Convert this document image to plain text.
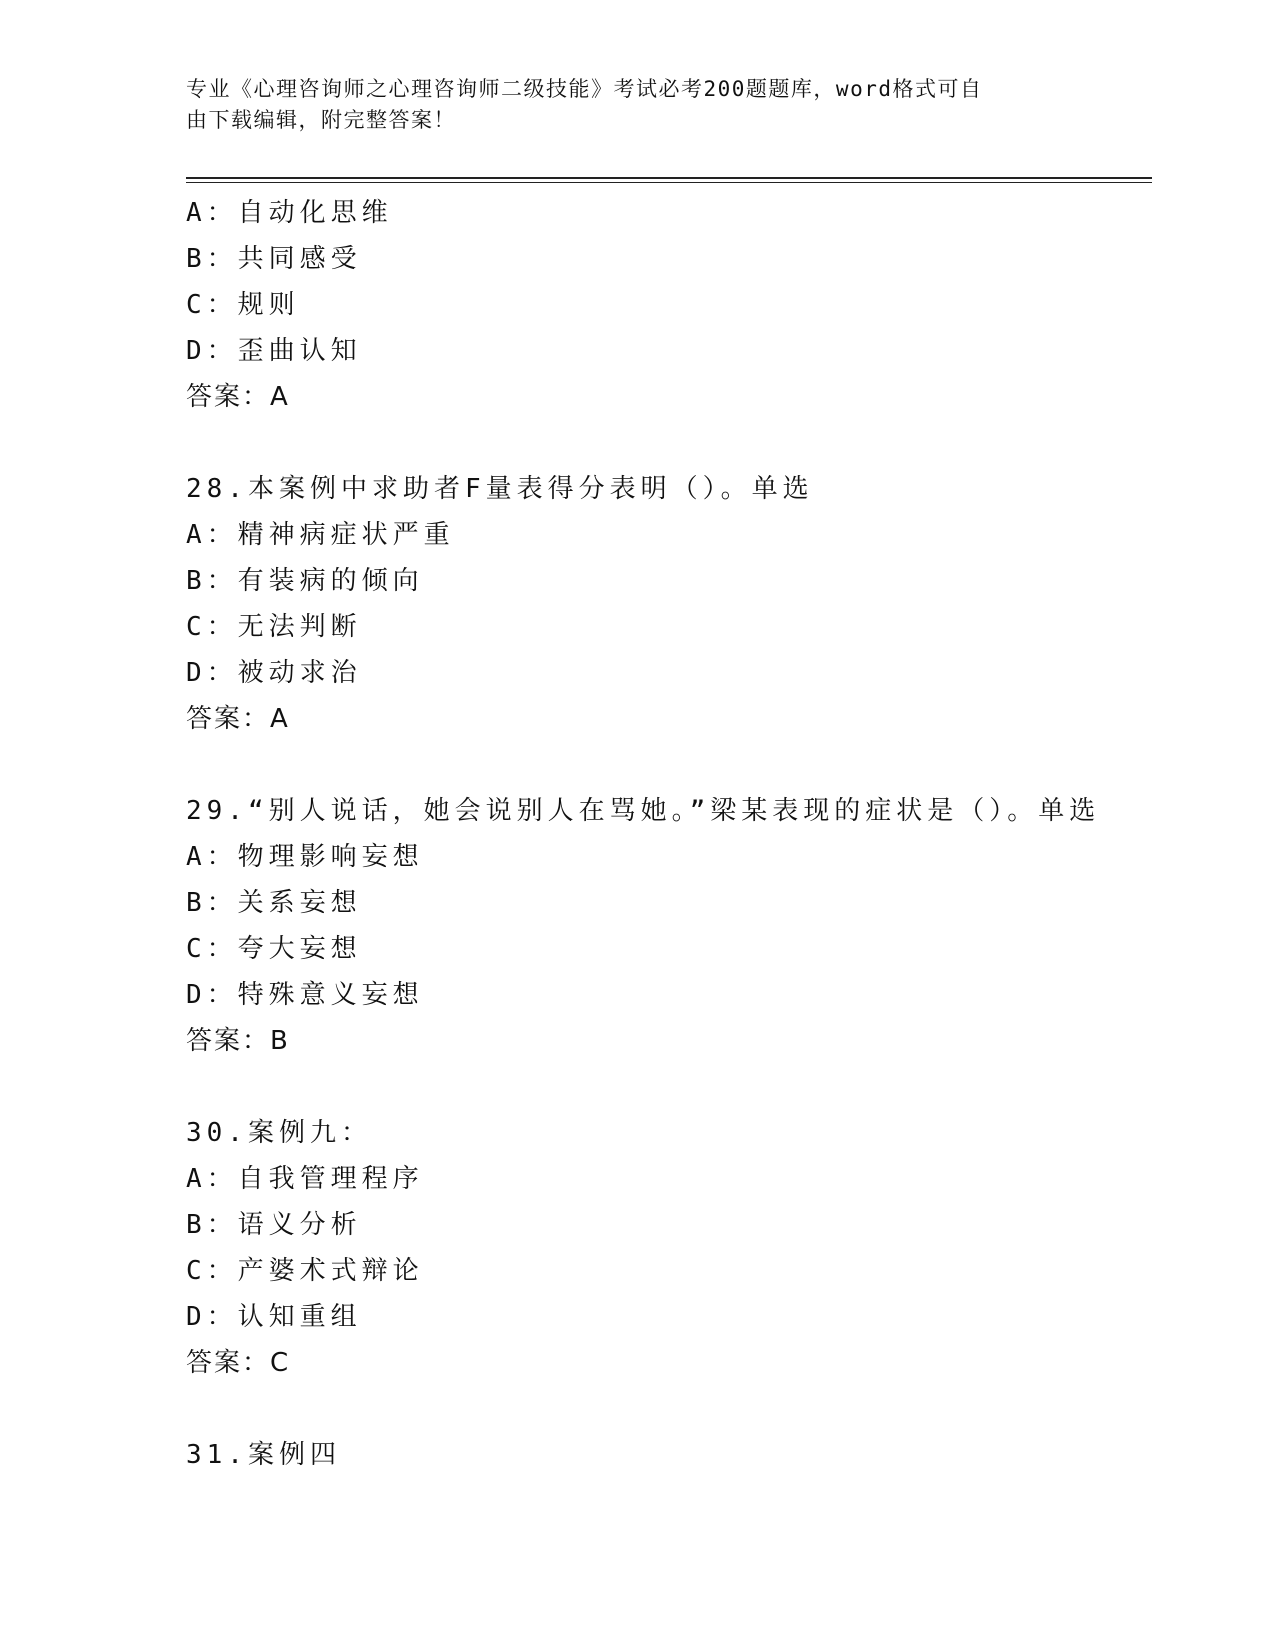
专业《心理咨询师之心理咨询师二级技能》考试必考200题题库，word格式可自
由下载编辑，附完整答案！
A：自动化思维
B：共同感受
C：规则
D：歪曲认知
答案：A
28.本案例中求助者F量表得分表明（）。单选
A：精神病症状严重
B：有装病的倾向
C：无法判断
D：被动求治
答案：A
29.“别人说话，她会说别人在骂她。”梁某表现的症状是（）。单选
A：物理影响妄想
B：关系妄想
C：夸大妄想
D：特殊意义妄想
答案：B
30.案例九：
A：自我管理程序
B：语义分析
C：产婆术式辩论
D：认知重组
答案：C
31.案例四
